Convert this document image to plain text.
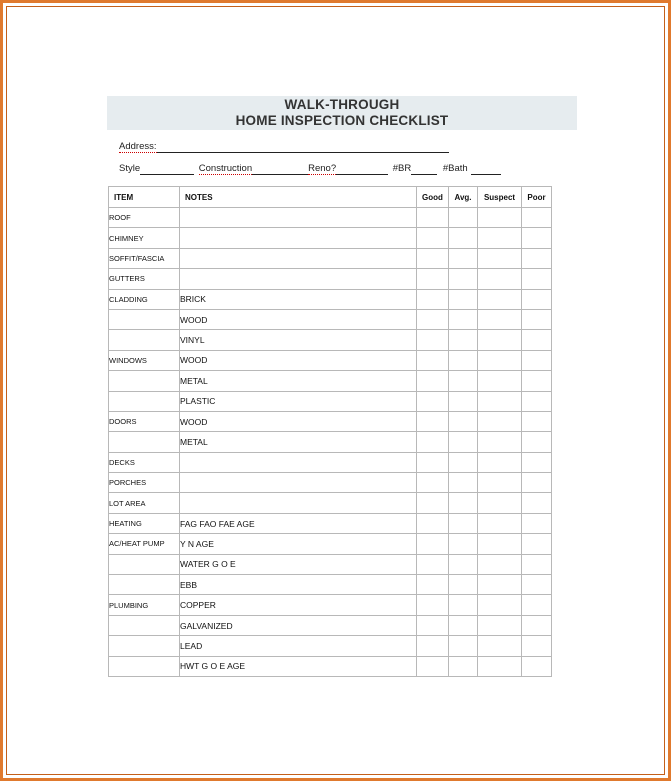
WALK-THROUGH
HOME INSPECTION CHECKLIST
Address:
Style	Construction	Reno?	#BR	#Bath
ITEM	NOTES	Good	Avg.	Suspect	Poor
ROOF					
CHIMNEY					
SOFFIT/FASCIA					
GUTTERS					
CLADDING	BRICK				
	WOOD				
	VINYL				
WINDOWS	WOOD				
	METAL				
	PLASTIC				
DOORS	WOOD				
	METAL				
DECKS					
PORCHES					
LOT AREA					
HEATING	FAG FAO FAE AGE				
AC/HEAT PUMP	Y N AGE				
	WATER G O E				
	EBB				
PLUMBING	COPPER				
	GALVANIZED				
	LEAD				
	HWT G O E AGE				
